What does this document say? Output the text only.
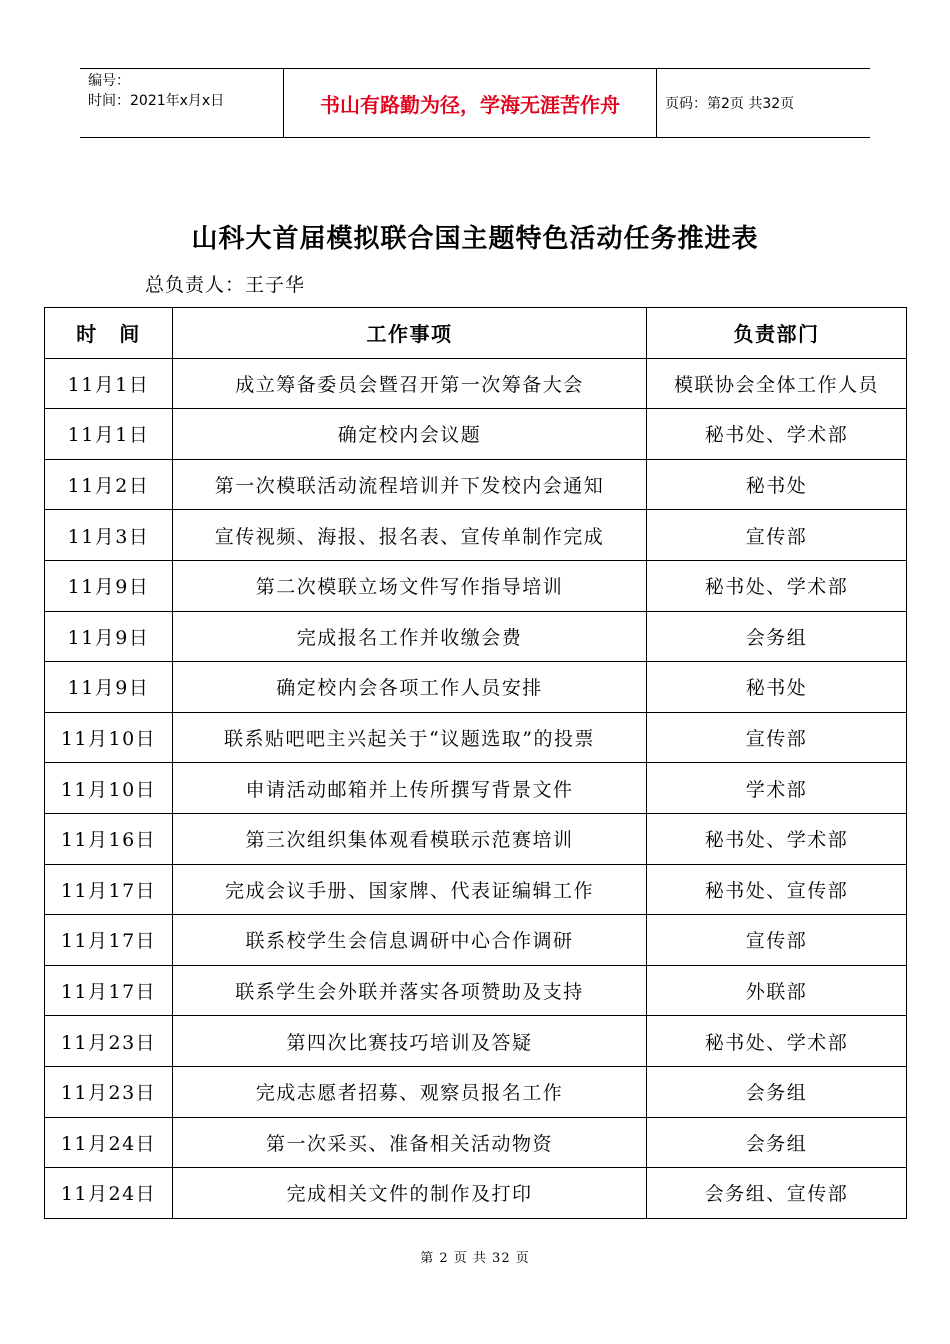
编号：
时间：2021年x月x日	书山有路勤为径，学海无涯苦作舟	页码：第2页 共32页
山科大首届模拟联合国主题特色活动任务推进表
总负责人：王子华
时　间	工作事项	负责部门
11月1日	成立筹备委员会暨召开第一次筹备大会	模联协会全体工作人员
11月1日	确定校内会议题	秘书处、学术部
11月2日	第一次模联活动流程培训并下发校内会通知	秘书处
11月3日	宣传视频、海报、报名表、宣传单制作完成	宣传部
11月9日	第二次模联立场文件写作指导培训	秘书处、学术部
11月9日	完成报名工作并收缴会费	会务组
11月9日	确定校内会各项工作人员安排	秘书处
11月10日	联系贴吧吧主兴起关于“议题选取”的投票	宣传部
11月10日	申请活动邮箱并上传所撰写背景文件	学术部
11月16日	第三次组织集体观看模联示范赛培训	秘书处、学术部
11月17日	完成会议手册、国家牌、代表证编辑工作	秘书处、宣传部
11月17日	联系校学生会信息调研中心合作调研	宣传部
11月17日	联系学生会外联并落实各项赞助及支持	外联部
11月23日	第四次比赛技巧培训及答疑	秘书处、学术部
11月23日	完成志愿者招募、观察员报名工作	会务组
11月24日	第一次采买、准备相关活动物资	会务组
11月24日	完成相关文件的制作及打印	会务组、宣传部
第 2 页 共 32 页
